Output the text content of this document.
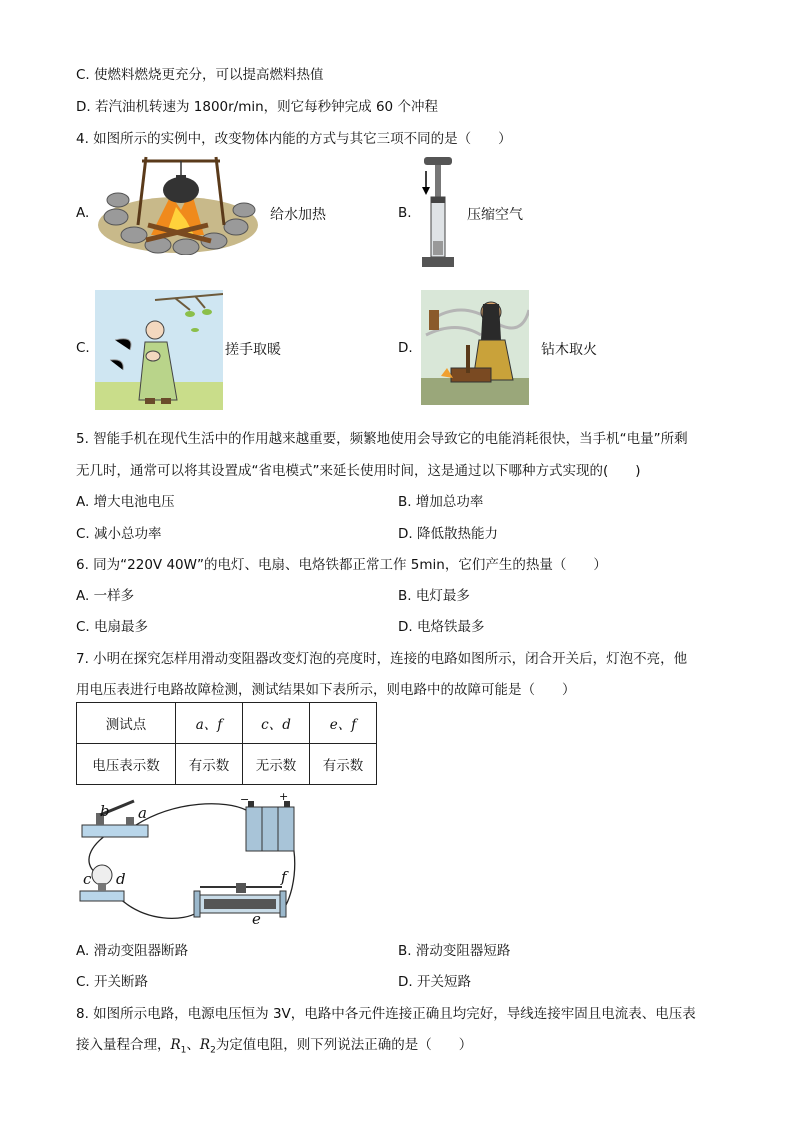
C. 使燃料燃烧更充分，可以提高燃料热值
D. 若汽油机转速为 1800r/min，则它每秒钟完成 60 个冲程
4. 如图所示的实例中，改变物体内能的方式与其它三项不同的是（　　）
A.	给水加热	B.	压缩空气
C.	搓手取暖	D.	钻木取火
5. 智能手机在现代生活中的作用越来越重要，频繁地使用会导致它的电能消耗很快，当手机“电量”所剩
无几时，通常可以将其设置成“省电模式”来延长使用时间，这是通过以下哪种方式实现的(　　)
A. 增大电池电压	B. 增加总功率
C. 减小总功率	D. 降低散热能力
6. 同为“220V 40W”的电灯、电扇、电烙铁都正常工作 5min，它们产生的热量（　　）
A. 一样多	B. 电灯最多
C. 电扇最多	D. 电烙铁最多
7. 小明在探究怎样用滑动变阻器改变灯泡的亮度时，连接的电路如图所示，闭合开关后，灯泡不亮，他
用电压表进行电路故障检测，测试结果如下表所示，则电路中的故障可能是（　　）
测试点	a、f	c、d	e、f
电压表示数	有示数	无示数	有示数
b a
c d
e
f
−	+
A. 滑动变阻器断路	B. 滑动变阻器短路
C. 开关断路	D. 开关短路
8. 如图所示电路，电源电压恒为 3V，电路中各元件连接正确且均完好，导线连接牢固且电流表、电压表
接入量程合理，$R_1$、$R_2$为定值电阻，则下列说法正确的是（　　）
